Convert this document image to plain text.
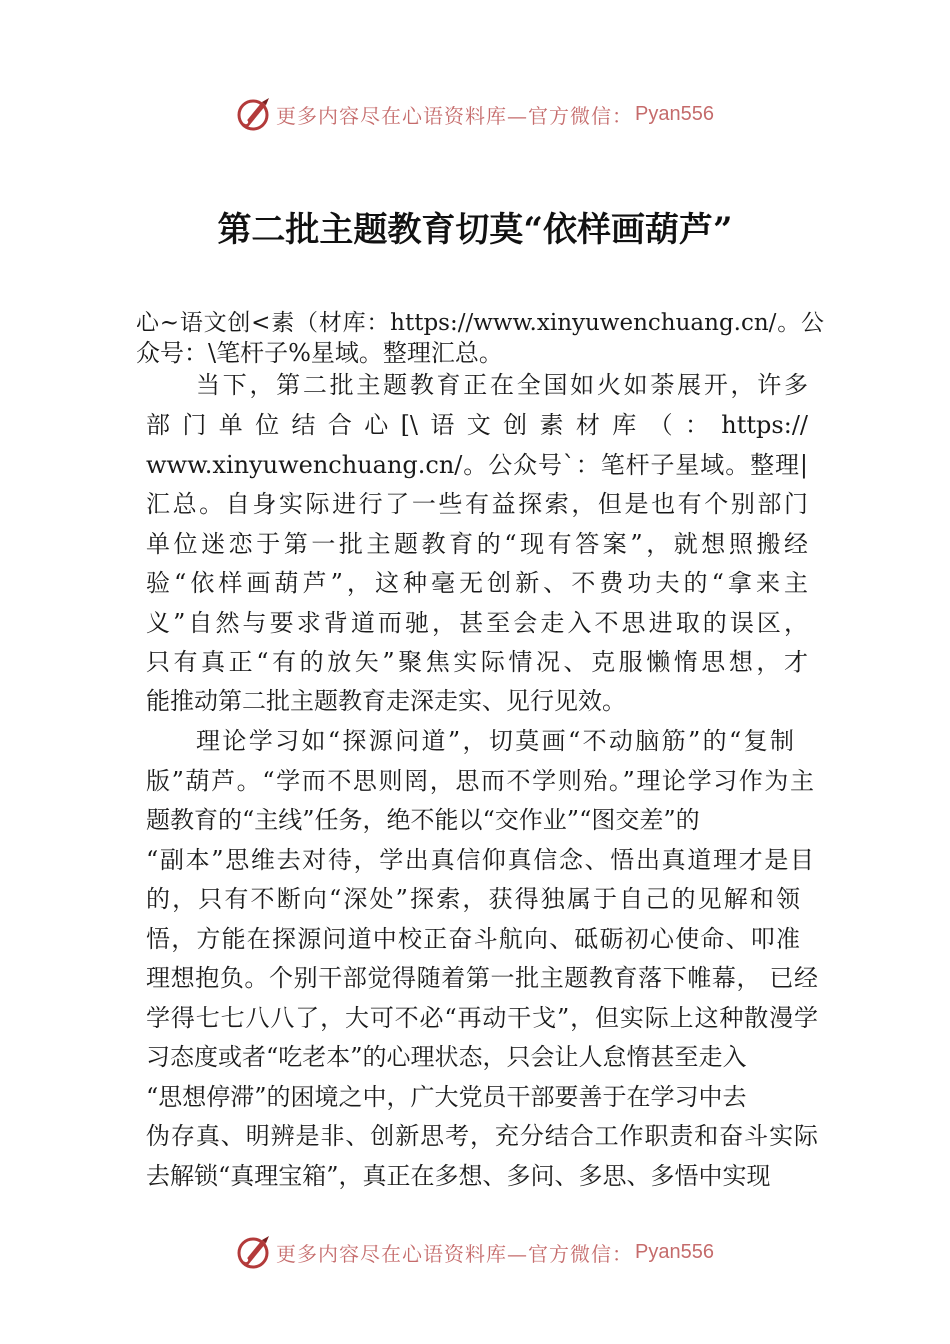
更多内容尽在心语资料库—官方微信： Pyan556
第二批主题教育切莫“依样画葫芦”
心~语文创<素（材库：https://www.xinyuwenchuang.cn/。公
众号：\笔杆子%星域。整理汇总。
当下，第二批主题教育正在全国如火如荼展开，许多
部门单位结合心[\语文创素材库（：https://
www.xinyuwenchuang.cn/。公众号`：笔杆子星域。整理|
汇总。自身实际进行了一些有益探索，但是也有个别部门
单位迷恋于第一批主题教育的“现有答案”，就想照搬经
验“依样画葫芦”，这种毫无创新、不费功夫的“拿来主
义”自然与要求背道而驰，甚至会走入不思进取的误区，
只有真正“有的放矢”聚焦实际情况、克服懒惰思想，才
能推动第二批主题教育走深走实、见行见效。
理论学习如“探源问道”，切莫画“不动脑筋”的“复制
版”葫芦。“学而不思则罔，思而不学则殆。”理论学习作为主
题教育的“主线”任务，绝不能以“交作业”“图交差”的
“副本”思维去对待，学出真信仰真信念、悟出真道理才是目
的，只有不断向“深处”探索，获得独属于自己的见解和领
悟，方能在探源问道中校正奋斗航向、砥砺初心使命、叩准
理想抱负。个别干部觉得随着第一批主题教育落下帷幕， 已经
学得七七八八了，大可不必“再动干戈”，但实际上这种散漫学
习态度或者“吃老本”的心理状态，只会让人怠惰甚至走入
“思想停滞”的困境之中，广大党员干部要善于在学习中去
伪存真、明辨是非、创新思考，充分结合工作职责和奋斗实际
去解锁“真理宝箱”，真正在多想、多问、多思、多悟中实现
更多内容尽在心语资料库—官方微信： Pyan556
